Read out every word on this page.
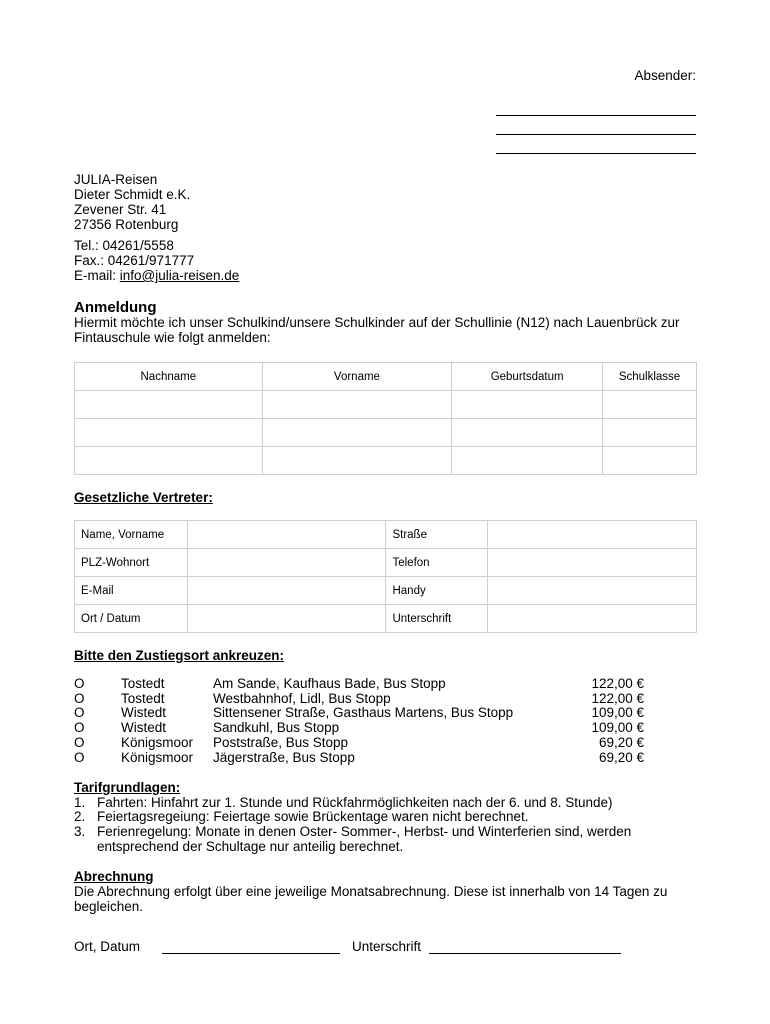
Absender:
JULIA-Reisen
Dieter Schmidt e.K.
Zevener Str. 41
27356 Rotenburg
Tel.: 04261/5558
Fax.: 04261/971777
E-mail: info@julia-reisen.de
Anmeldung
Hiermit möchte ich unser Schulkind/unsere Schulkinder auf der Schullinie (N12) nach Lauenbrück zur Fintauschule wie folgt anmelden:
Nachname	Vorname	Geburtsdatum	Schulklasse

Gesetzliche Vertreter:
Name, Vorname		Straße	
PLZ-Wohnort		Telefon	
E-Mail		Handy	
Ort / Datum		Unterschrift	
Bitte den Zustiegsort ankreuzen:
O	Tostedt	Am Sande, Kaufhaus Bade, Bus Stopp	122,00 €
O	Tostedt	Westbahnhof, Lidl, Bus Stopp	122,00 €
O	Wistedt	Sittensener Straße, Gasthaus Martens, Bus Stopp	109,00 €
O	Wistedt	Sandkuhl, Bus Stopp	109,00 €
O	Königsmoor	Poststraße, Bus Stopp	69,20 €
O	Königsmoor	Jägerstraße, Bus Stopp	69,20 €
Tarifgrundlagen:
1. Fahrten: Hinfahrt zur 1. Stunde und Rückfahrmöglichkeiten nach der 6. und 8. Stunde)
2. Feiertagsregeiung: Feiertage sowie Brückentage waren nicht berechnet.
3. Ferienregelung: Monate in denen Oster- Sommer-, Herbst- und Winterferien sind, werden entsprechend der Schultage nur anteilig berechnet.
Abrechnung
Die Abrechnung erfolgt über eine jeweilige Monatsabrechnung. Diese ist innerhalb von 14 Tagen zu begleichen.
Ort, Datum	Unterschrift
